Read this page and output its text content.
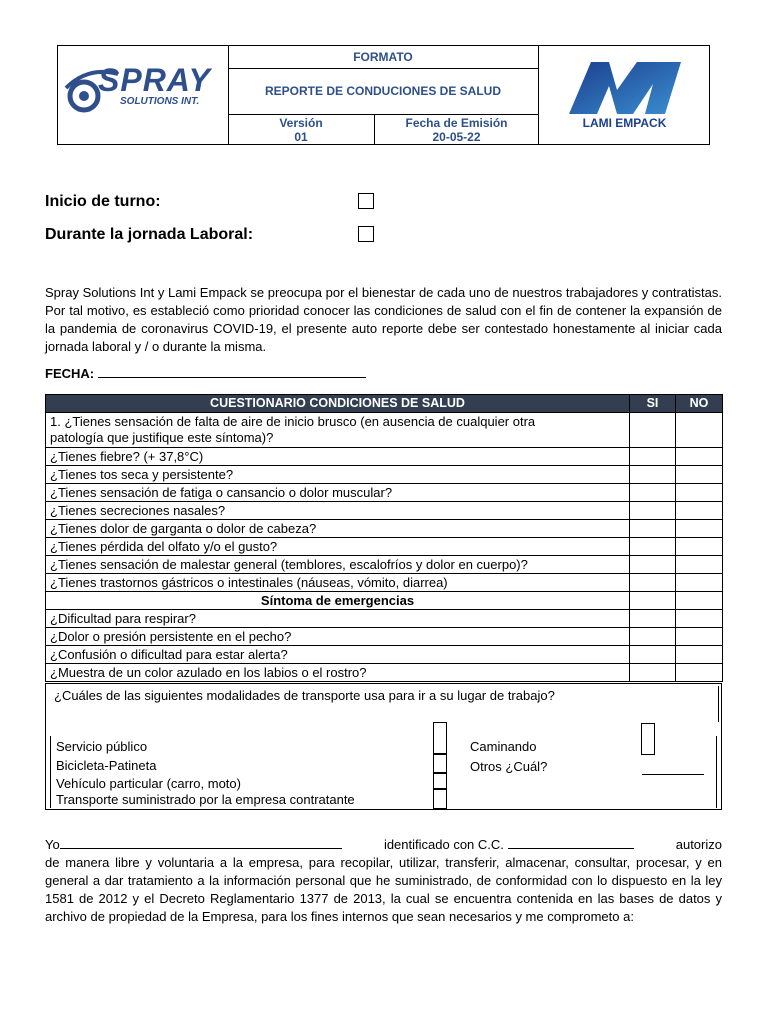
SPRAY
SOLUTIONS INT.
FORMATO
REPORTE DE CONDUCIONES DE SALUD
Versión
01
Fecha de Emisión
20-05-22
LAMI EMPACK
Inicio de turno:
Durante la jornada Laboral:
Spray Solutions Int y Lami Empack se preocupa por el bienestar de cada uno de nuestros trabajadores y contratistas. Por tal motivo, es estableció como prioridad conocer las condiciones de salud con el fin de contener la expansión de la pandemia de coronavirus COVID-19, el presente auto reporte debe ser contestado honestamente al iniciar cada jornada laboral y / o durante la misma.
FECHA:
CUESTIONARIO CONDICIONES DE SALUD	SI	NO

1. ¿Tienes sensación de falta de aire de inicio brusco (en ausencia de cualquier otra
patología que justifique este síntoma)?		

¿Tienes fiebre? (+ 37,8°C)		
¿Tienes tos seca y persistente?		
¿Tienes sensación de fatiga o cansancio o dolor muscular?		
¿Tienes secreciones nasales?		
¿Tienes dolor de garganta o dolor de cabeza?		
¿Tienes pérdida del olfato y/o el gusto?		
¿Tienes sensación de malestar general (temblores, escalofríos y dolor en cuerpo)?		
¿Tienes trastornos gástricos o intestinales (náuseas, vómito, diarrea)		
Síntoma de emergencias		
¿Dificultad para respirar?		
¿Dolor o presión persistente en el pecho?		
¿Confusión o dificultad para estar alerta?		
¿Muestra de un color azulado en los labios o el rostro?		
¿Cuáles de las siguientes modalidades de transporte usa para ir a su lugar de trabajo?
Servicio público
Bicicleta-Patineta
Vehículo particular (carro, moto)
Transporte suministrado por la empresa contratante
Caminando
Otros ¿Cuál?
Yo	identificado con C.C.	autorizo
de manera libre y voluntaria a la empresa, para recopilar, utilizar, transferir, almacenar, consultar, procesar, y en general a dar tratamiento a la información personal que he suministrado, de conformidad con lo dispuesto en la ley 1581 de 2012 y el Decreto Reglamentario 1377 de 2013, la cual se encuentra contenida en las bases de datos y archivo de propiedad de la Empresa, para los fines internos que sean necesarios y me comprometo a:
